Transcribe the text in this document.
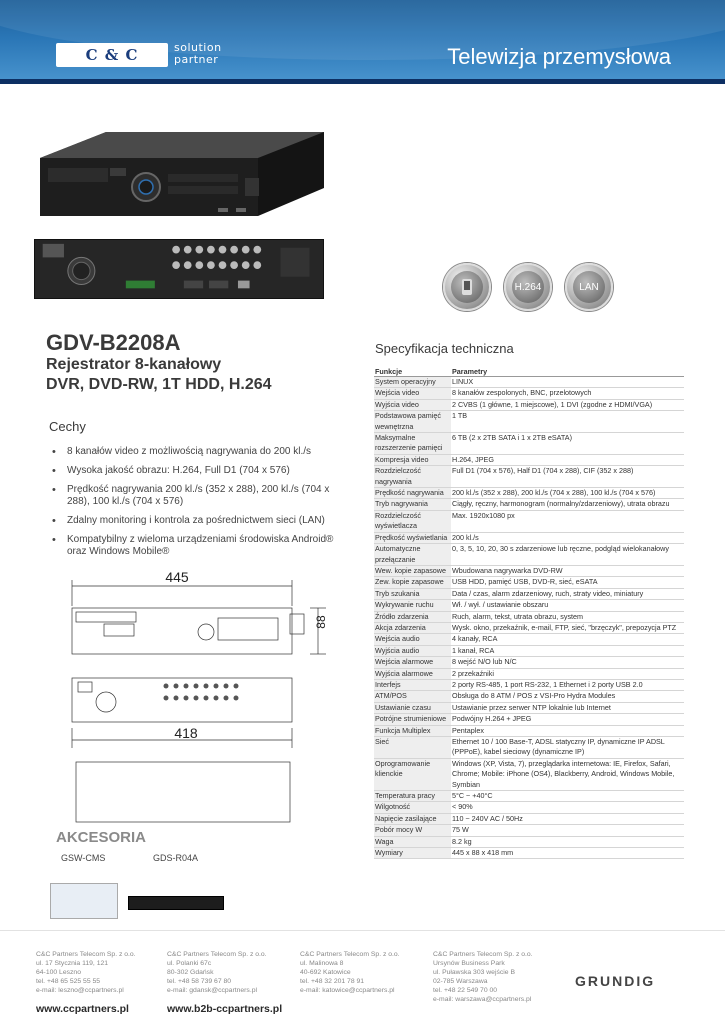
C & C	solution
partner	Telewizja przemysłowa
H.264	LAN
GDV-B2208A
Rejestrator 8-kanałowy
DVR, DVD-RW, 1T HDD, H.264
Cechy
• 8 kanałów video z możliwością nagrywania do 200 kl./s
• Wysoka jakość obrazu: H.264, Full D1 (704 x 576)
• Prędkość nagrywania 200 kl./s (352 x 288), 200 kl./s (704 x 288), 100 kl./s (704 x 576)
• Zdalny monitoring i kontrola za pośrednictwem sieci (LAN)
• Kompatybilny z wieloma urządzeniami środowiska Android® oraz Windows Mobile®
445
88
418
Specyfikacja techniczna
Funkcje	Parametry
System operacyjny	LINUX
Wejścia video	8 kanałów zespolonych, BNC, przelotowych
Wyjścia video	2 CVBS (1 główne, 1 miejscowe), 1 DVI (zgodne z HDMI/VGA)
Podstawowa pamięć wewnętrzna	1 TB
Maksymalne rozszerzenie pamięci	6 TB (2 x 2TB SATA i 1 x 2TB eSATA)
Kompresja video	H.264, JPEG
Rozdzielczość nagrywania	Full D1 (704 x 576), Half D1 (704 x 288), CIF (352 x 288)
Prędkość nagrywania	200 kl./s (352 x 288), 200 kl./s (704 x 288), 100 kl./s (704 x 576)
Tryb nagrywania	Ciągły, ręczny, harmonogram (normalny/zdarzeniowy), utrata obrazu
Rozdzielczość wyświetlacza	Max. 1920x1080 px
Prędkość wyświetlania	200 kl./s
Automatyczne przełączanie	0, 3, 5, 10, 20, 30 s zdarzeniowe lub ręczne, podgląd wielokanałowy
Wew. kopie zapasowe	Wbudowana nagrywarka DVD-RW
Zew. kopie zapasowe	USB HDD, pamięć USB, DVD-R, sieć, eSATA
Tryb szukania	Data / czas, alarm zdarzeniowy, ruch, straty video, miniatury
Wykrywanie ruchu	Wł. / wył. / ustawianie obszaru
Źródło zdarzenia	Ruch, alarm, tekst, utrata obrazu, system
Akcja zdarzenia	Wysk. okno, przekaźnik, e-mail, FTP, sieć, "brzęczyk", prepozycja PTZ
Wejścia audio	4 kanały, RCA
Wyjścia audio	1 kanał, RCA
Wejścia alarmowe	8 wejść N/O lub N/C
Wyjścia alarmowe	2 przekaźniki
Interfejs	2 porty RS-485, 1 port RS-232, 1 Ethernet i 2 porty USB 2.0
ATM/POS	Obsługa do 8 ATM / POS z VSI-Pro Hydra Modules
Ustawianie czasu	Ustawianie przez serwer NTP lokalnie lub Internet
Potrójne strumieniowe	Podwójny H.264 + JPEG
Funkcja Multiplex	Pentaplex
Sieć	Ethernet 10 / 100 Base-T, ADSL statyczny IP, dynamiczne IP ADSL (PPPoE), kabel sieciowy (dynamiczne IP)
Oprogramowanie klienckie	Windows (XP, Vista, 7), przeglądarka internetowa: IE, Firefox, Safari, Chrome; Mobile: iPhone (OS4), Blackberry, Android, Windows Mobile, Symbian
Temperatura pracy	5°C ~ +40°C
Wilgotność	< 90%
Napięcie zasilające	110 ~ 240V AC / 50Hz
Pobór mocy W	75 W
Waga	8.2 kg
Wymiary	445 x 88 x 418 mm
AKCESORIA
GSW-CMS	GDS-R04A
C&C Partners Telecom Sp. z o.o.
ul. 17 Stycznia 119, 121
64-100 Leszno
tel. +48 65 525 55 55
e-mail: leszno@ccpartners.pl
C&C Partners Telecom Sp. z o.o.
ul. Polanki 67c
80-302 Gdańsk
tel. +48 58 739 67 80
e-mail: gdansk@ccpartners.pl
C&C Partners Telecom Sp. z o.o.
ul. Malinowa 8
40-692 Katowice
tel. +48 32 201 78 91
e-mail: katowice@ccpartners.pl
C&C Partners Telecom Sp. z o.o.
Ursynów Business Park
ul. Puławska 303 wejście B
02-785 Warszawa
tel. +48 22 549 70 00
e-mail: warszawa@ccpartners.pl
www.ccpartners.pl	www.b2b-ccpartners.pl
GRUNDIG
